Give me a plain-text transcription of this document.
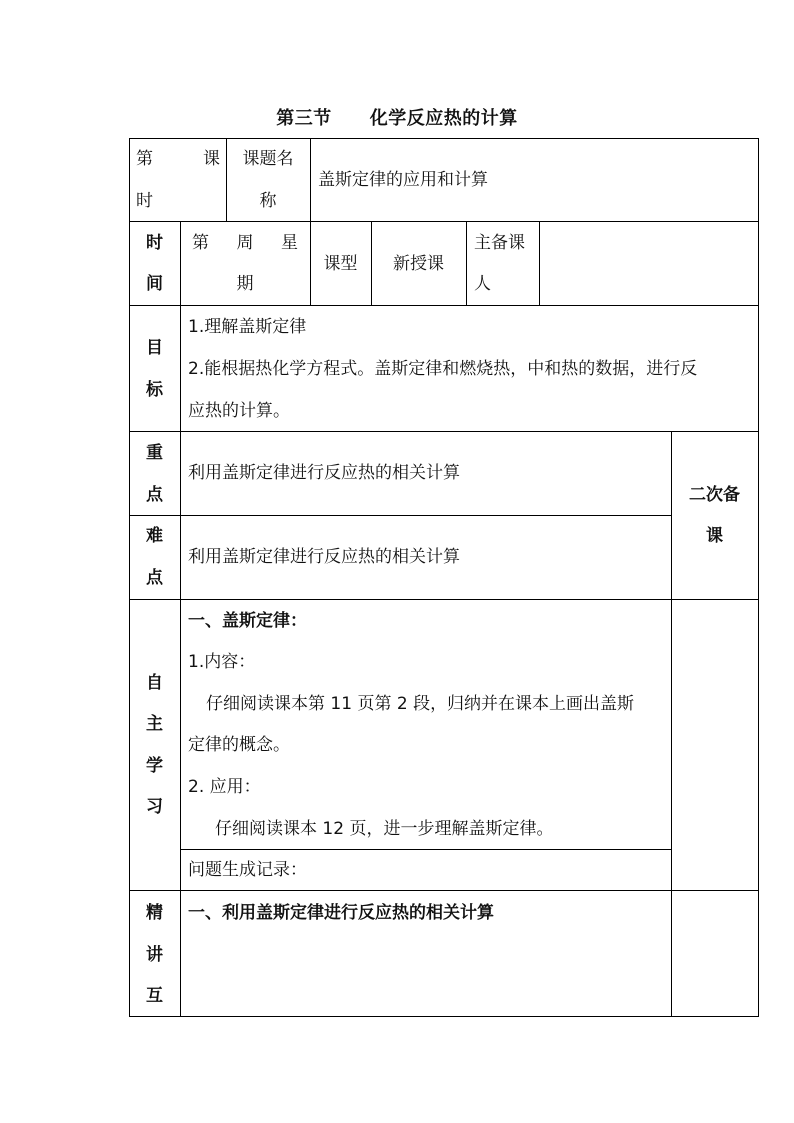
第三节 化学反应热的计算
第	课
时
课题名
称
盖斯定律的应用和计算
时
间
第 周 星
期
课型	新授课
主备课
人
目
标
1.理解盖斯定律
2.能根据热化学方程式。盖斯定律和燃烧热，中和热的数据，进行反
应热的计算。
重
点
利用盖斯定律进行反应热的相关计算
难
点
利用盖斯定律进行反应热的相关计算
二次备
课
自
主
学
习
一、盖斯定律：
1.内容：
仔细阅读课本第 11 页第 2 段，归纳并在课本上画出盖斯
定律的概念。
2. 应用：
仔细阅读课本 12 页，进一步理解盖斯定律。
问题生成记录：
精
讲
互
一、利用盖斯定律进行反应热的相关计算
